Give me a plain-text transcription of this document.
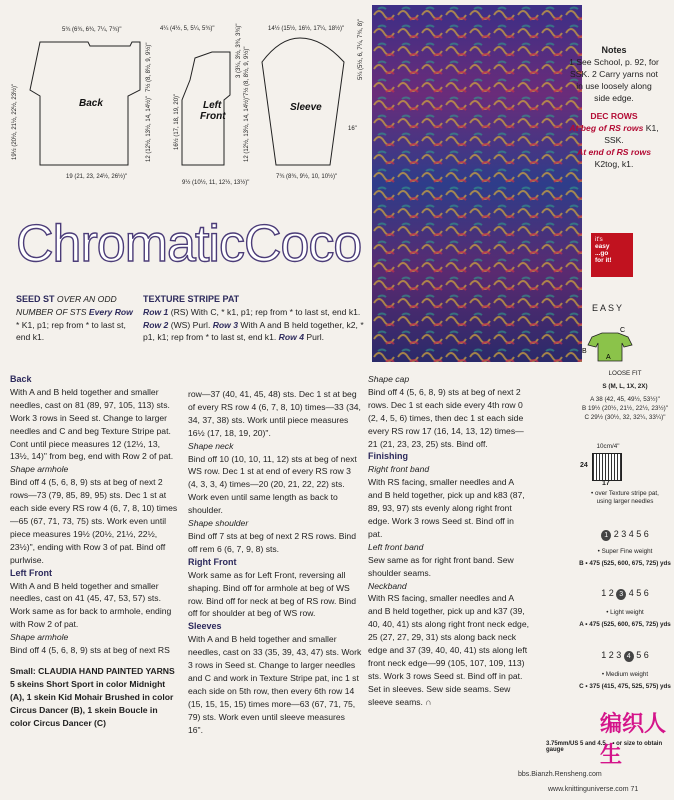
Back	Left
Front
Sleeve
5¾ (6¾, 6¾, 7¼, 7¾)"
19 (21, 23, 24½, 26½)"
19½ (20½, 21½, 22½, 23½)"
7½ (8, 8½, 9, 9½)"
12 (12½, 13½, 14, 14½)"
4¼ (4½, 5, 5¼, 5¾)"	3 (3¼, 3½, 3¾, 3¾)" 7½ (8, 8½, 9, 9½)"
16½ (17, 18, 19, 20)"	12 (12½, 13½, 14, 14½)"
9½ (10½, 11, 12½, 13½)"
14½ (15½, 16½, 17¼, 18½)" 5¼ (5½, 6, 7¼, 7¾, 8)"
16"
7¾ (8¾, 9½, 10, 10½)"
Notes
1 See School, p. 92, for
SSK. 2 Carry yarns not
in use loosely along
side edge.
DEC ROWS
At beg of RS rows K1,
SSK.
At end of RS rows
K2tog, k1.
it's
easy
...go
for it!
EASY
B
C
A
LOOSE FIT
S (M, L, 1X, 2X)
A 38 (42, 45, 49½, 53½)"
B 19½ (20½, 21½, 22½, 23½)"
C 29½ (30½, 32, 32¼, 33¼)"
10cm/4"
24
17
• over Texture stripe pat,
using larger needles
1 2 3 4 5 6
• Super Fine weight
B • 475 (525, 600, 675, 725) yds
1 2 3 4 5 6
• Light weight
A • 475 (525, 600, 675, 725) yds
1 2 3 4 5 6
• Medium weight
C • 375 (415, 475, 525, 575) yds
3.75mm/US 5 and 4.5... • or size to obtain gauge
编织人生
bbs.Bianzh.Rensheng.com
www.knittinguniverse.com 71
ChromaticCoco
SEED ST OVER AN ODD NUMBER OF STS Every Row * K1, p1; rep from * to last st, end k1.
TEXTURE STRIPE PAT
Row 1 (RS) With C, * k1, p1; rep from * to last st, end k1. Row 2 (WS) Purl. Row 3 With A and B held together, k2, * p1, k1; rep from * to last st, end k1. Row 4 Purl.
Back
With A and B held together and smaller needles, cast on 81 (89, 97, 105, 113) sts. Work 3 rows in Seed st. Change to larger needles and C and beg Texture Stripe pat. Cont until piece measures 12 (12½, 13, 13½, 14)" from beg, end with Row 2 of pat.
Shape armhole
Bind off 4 (5, 6, 8, 9) sts at beg of next 2 rows—73 (79, 85, 89, 95) sts. Dec 1 st at each side every RS row 4 (6, 7, 8, 10) times—65 (67, 71, 73, 75) sts. Work even until piece measures 19½ (20½, 21½, 22½, 23½)", ending with Row 3 of pat. Bind off purlwise.
Left Front
With A and B held together and smaller needles, cast on 41 (45, 47, 53, 57) sts. Work same as for back to armhole, ending with Row 2 of pat.
Shape armhole
Bind off 4 (5, 6, 8, 9) sts at beg of next RS
Small: CLAUDIA HAND PAINTED YARNS 5 skeins Short Sport in color Midnight (A), 1 skein Kid Mohair Brushed in color Circus Dancer (B), 1 skein Boucle in color Circus Dancer (C)
row—37 (40, 41, 45, 48) sts. Dec 1 st at beg of every RS row 4 (6, 7, 8, 10) times—33 (34, 34, 37, 38) sts. Work until piece measures 16½ (17, 18, 19, 20)".
Shape neck
Bind off 10 (10, 10, 11, 12) sts at beg of next WS row. Dec 1 st at end of every RS row 3 (4, 3, 3, 4) times—20 (20, 21, 22, 22) sts. Work even until same length as back to shoulder.
Shape shoulder
Bind off 7 sts at beg of next 2 RS rows. Bind off rem 6 (6, 7, 9, 8) sts.
Right Front
Work same as for Left Front, reversing all shaping. Bind off for armhole at beg of WS row. Bind off for neck at beg of RS row. Bind off for shoulder at beg of WS row.
Sleeves
With A and B held together and smaller needles, cast on 33 (35, 39, 43, 47) sts. Work 3 rows in Seed st. Change to larger needles and C and work in Texture Stripe pat, inc 1 st each side on 5th row, then every 6th row 14 (15, 15, 15, 15) times more—63 (67, 71, 75, 79) sts. Work even until sleeve measures 16".
Shape cap
Bind off 4 (5, 6, 8, 9) sts at beg of next 2 rows. Dec 1 st each side every 4th row 0 (2, 4, 5, 6) times, then dec 1 st each side every RS row 17 (16, 14, 13, 12) times—21 (21, 23, 23, 25) sts. Bind off.
Finishing
Right front band
With RS facing, smaller needles and A and B held together, pick up and k83 (87, 89, 93, 97) sts evenly along right front edge. Work 3 rows Seed st. Bind off in pat.
Left front band
Sew same as for right front band. Sew shoulder seams.
Neckband
With RS facing, smaller needles and A and B held together, pick up and k37 (39, 40, 40, 41) sts along right front neck edge, 25 (27, 27, 29, 31) sts along back neck edge and 37 (39, 40, 40, 41) sts along left front neck edge—99 (105, 107, 109, 113) sts. Work 3 rows Seed st. Bind off in pat.
Set in sleeves. Sew side seams. Sew sleeve seams. ∩
